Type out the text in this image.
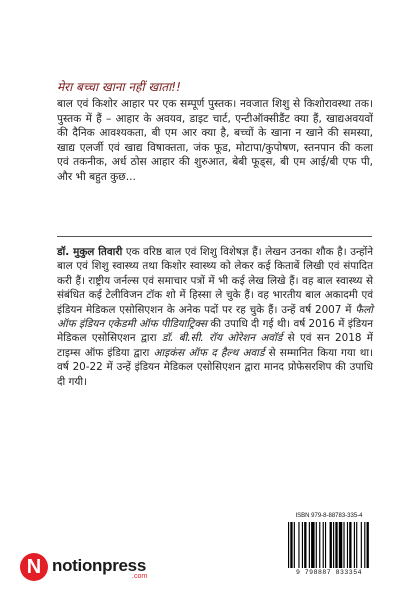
मेरा बच्चा खाना नहीं खाता!!

बाल एवं किशोर आहार पर एक सम्पूर्ण पुस्तक। नवजात शिशु से किशोरावस्था तक। पुस्तक में हैं – आहार के अवयव, डाइट चार्ट, एन्टीऑक्सीडैंट क्या हैं, खाद्यअवयवों की दैनिक आवश्यकता, बी एम आर क्या है, बच्चों के खाना न खाने की समस्या, खाद्य एलर्जी एवं खाद्य विषाक्तता, जंक फूड, मोटापा/कुपोषण, स्तनपान की कला एवं तकनीक, अर्ध ठोस आहार की शुरुआत, बेबी फूड्स, बी एम आई/बी एफ पी, और भी बहुत कुछ...

डॉ. मुकुल तिवारी एक वरिष्ठ बाल एवं शिशु विशेषज्ञ हैं। लेखन उनका शौक है। उन्होंने बाल एवं शिशु स्वास्थ्य तथा किशोर स्वास्थ्य को लेकर कई किताबें लिखी एवं संपादित करी हैं। राष्ट्रीय जर्नल्स एवं समाचार पत्रों में भी कई लेख लिखे हैं। वह बाल स्वास्थ्य से संबंधित कई टेलीविजन टॉक शो में हिस्सा ले चुके हैं। वह भारतीय बाल अकादमी एवं इंडियन मेडिकल एसोसिएशन के अनेक पदों पर रह चुके हैं। उन्हें वर्ष 2007 में फैलो ऑफ इंडियन एकेडमी ऑफ पीडियाट्रिक्स की उपाधि दी गई थी। वर्ष 2016 में इंडियन मेडिकल एसोसिएशन द्वारा डॉ. बी.सी. रॉय ओरेशन अवॉर्ड से एवं सन 2018 में टाइम्स ऑफ इंडिया द्वारा आइकंस ऑफ द हैल्थ अवार्ड से सम्मानित किया गया था। वर्ष 20-22 में उन्हें इंडियन मेडिकल एसोसिएशन द्वारा मानद प्रोफेसरशिप की उपाधि दी गयी।

ISBN 979-8-88783-335-4
9 798887 833354
N notionpress
.com
